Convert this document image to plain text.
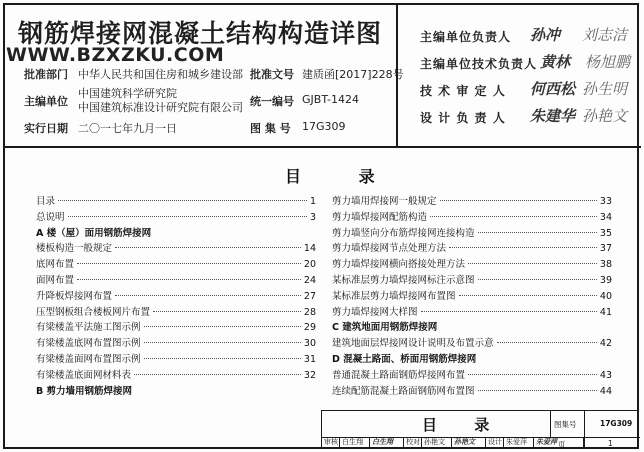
钢筋焊接网混凝土结构构造详图
WWW.BZXZKU.COM
批准部门 中华人民共和国住房和城乡建设部 批准文号 建质函[2017]228号
主编单位
中国建筑科学研究院
中国建筑标准设计研究院有限公司 统一编号 GJBT-1424
实行日期 二〇一七年九月一日	图 集 号 17G309
主编单位负责人 孙冲 刘志洁
主编单位技术负责人 黄林 杨旭鹏
技 术 审 定 人 何西松 孙生明
设 计 负 责 人 朱建华 孙艳文
目 录
目录	1
总说明	3
A 楼（屋）面用钢筋焊接网
楼板构造一般规定	14
底网布置	20
面网布置	24
升降板焊接网布置	27
压型钢板组合楼板网片布置	28
有梁楼盖平法施工图示例	29
有梁楼盖底网布置图示例	30
有梁楼盖面网布置图示例	31
有梁楼盖底面网材料表	32
B 剪力墙用钢筋焊接网
剪力墙用焊接网一般规定	33
剪力墙焊接网配筋构造	34
剪力墙竖向分布筋焊接网连接构造	35
剪力墙焊接网节点处理方法	37
剪力墙焊接网横向搭接处理方法	38
某标准层剪力墙焊接网标注示意图	39
某标准层剪力墙焊接网布置图	40
剪力墙焊接网大样图	41
C 建筑地面用钢筋焊接网
建筑地面层焊接网设计说明及布置示意	42
D 混凝土路面、桥面用钢筋焊接网
普通混凝土路面钢筋焊接网布置	43
连续配筋混凝土路面钢筋网布置图	44
目 录	图集号	17G309
页	1
审核 白生翔	白生翔	校对 孙艳文	孙艳文	设计 朱爱萍	朱爱萍
